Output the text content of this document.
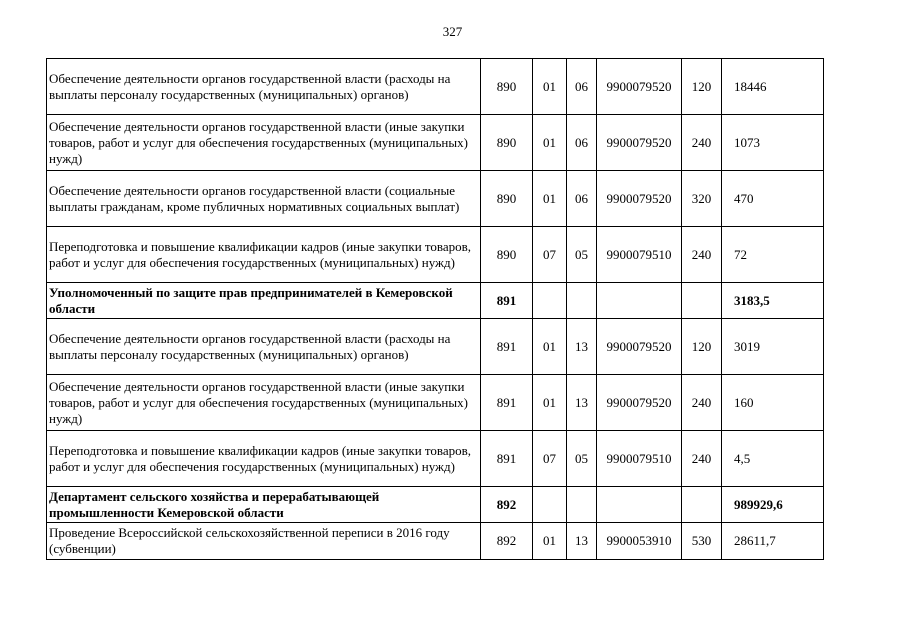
327
Обеспечение деятельности органов государственной власти (расходы на выплаты персоналу государственных (муниципальных) органов)	890	01	06	9900079520	120	18446
Обеспечение деятельности органов государственной власти (иные закупки товаров, работ и услуг для обеспечения государственных (муниципальных) нужд)	890	01	06	9900079520	240	1073
Обеспечение деятельности органов государственной власти (социальные выплаты гражданам, кроме публичных нормативных социальных выплат)	890	01	06	9900079520	320	470
Переподготовка и повышение квалификации кадров (иные закупки товаров, работ и услуг для обеспечения государственных (муниципальных) нужд)	890	07	05	9900079510	240	72
Уполномоченный по защите прав предпринимателей в Кемеровской области	891					3183,5
Обеспечение деятельности органов государственной власти (расходы на выплаты персоналу государственных (муниципальных) органов)	891	01	13	9900079520	120	3019
Обеспечение деятельности органов государственной власти (иные закупки товаров, работ и услуг для обеспечения государственных (муниципальных) нужд)	891	01	13	9900079520	240	160
Переподготовка и повышение квалификации кадров (иные закупки товаров, работ и услуг для обеспечения государственных (муниципальных) нужд)	891	07	05	9900079510	240	4,5
Департамент сельского хозяйства и перерабатывающей промышленности Кемеровской области	892					989929,6
Проведение Всероссийской сельскохозяйственной переписи в 2016 году (субвенции)	892	01	13	9900053910	530	28611,7
